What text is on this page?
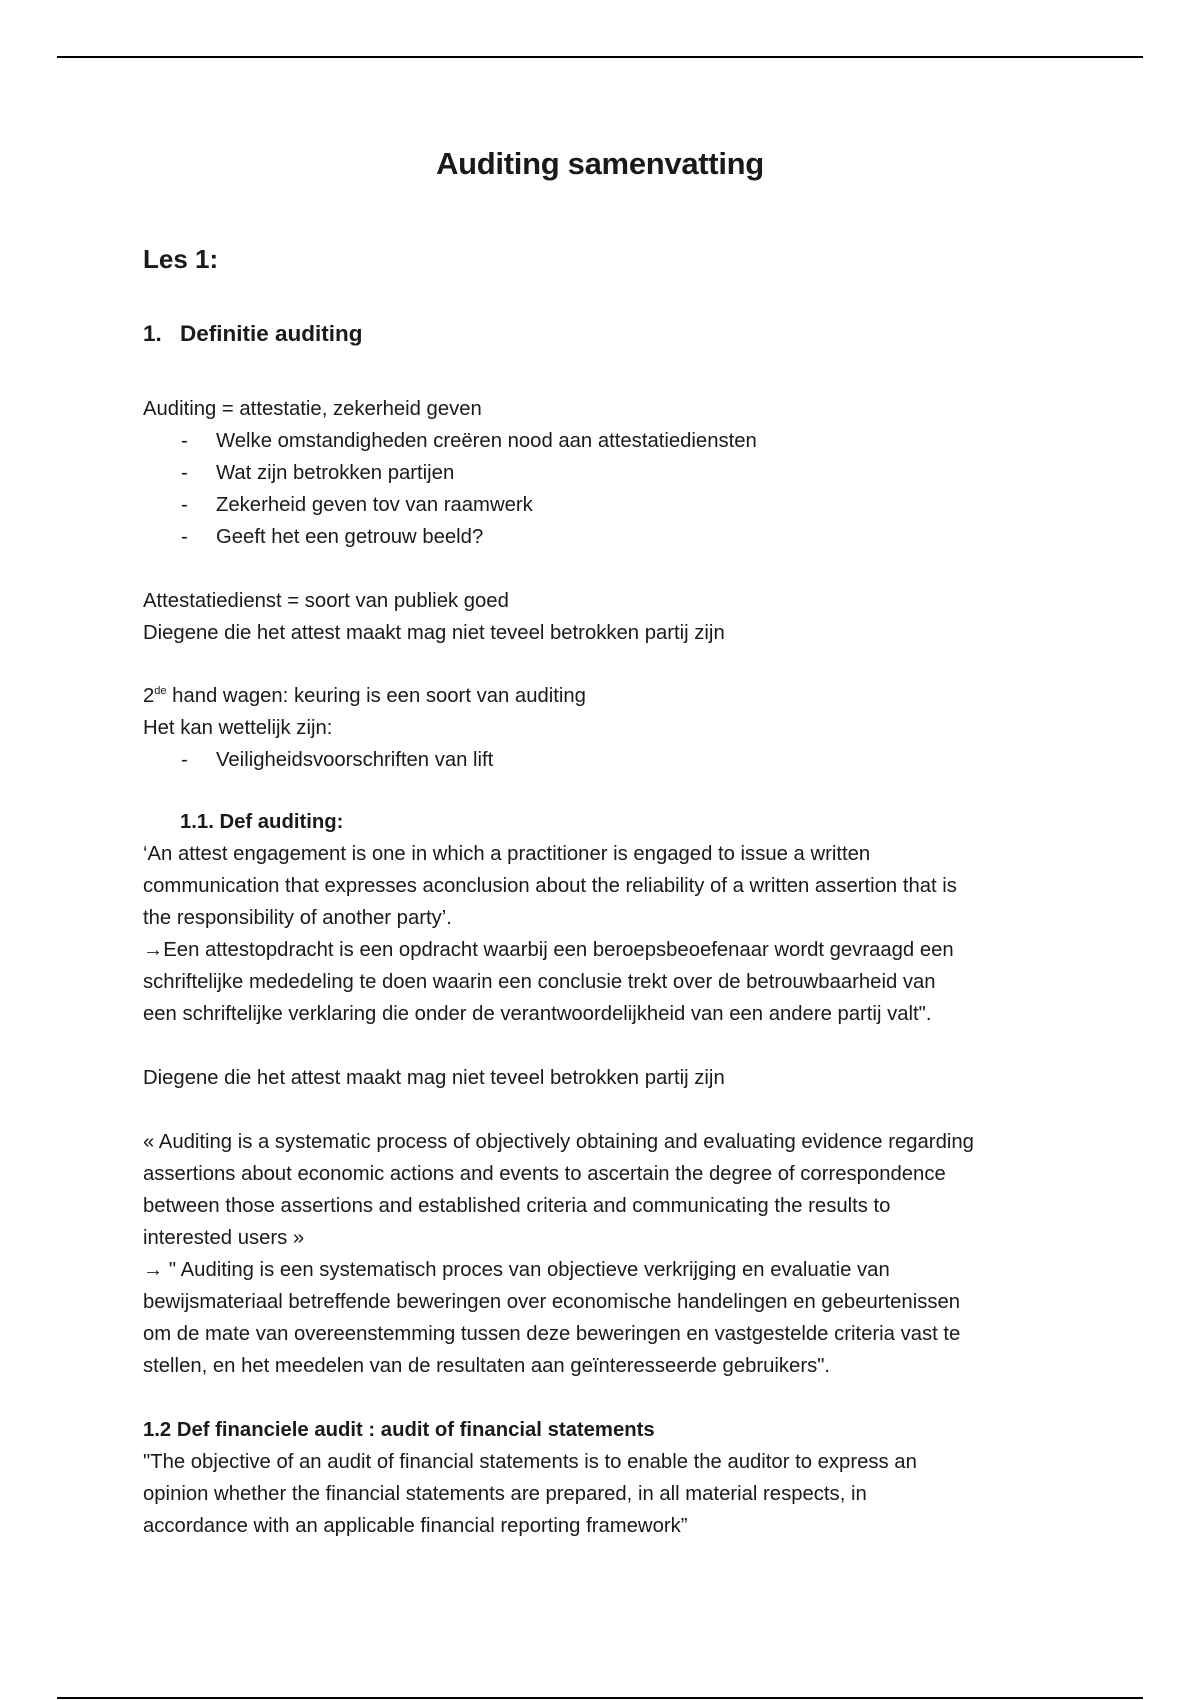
Auditing samenvatting
Les 1:
1. Definitie auditing
Auditing = attestatie, zekerheid geven
- Welke omstandigheden creëren nood aan attestatiediensten
- Wat zijn betrokken partijen
- Zekerheid geven tov van raamwerk
- Geeft het een getrouw beeld?
Attestatiedienst = soort van publiek goed
Diegene die het attest maakt mag niet teveel betrokken partij zijn
2de hand wagen: keuring is een soort van auditing
Het kan wettelijk zijn:
- Veiligheidsvoorschriften van lift
1.1. Def auditing:
‘An attest engagement is one in which a practitioner is engaged to issue a written
communication that expresses aconclusion about the reliability of a written assertion that is
the responsibility of another party’.
→Een attestopdracht is een opdracht waarbij een beroepsbeoefenaar wordt gevraagd een
schriftelijke mededeling te doen waarin een conclusie trekt over de betrouwbaarheid van
een schriftelijke verklaring die onder de verantwoordelijkheid van een andere partij valt".
Diegene die het attest maakt mag niet teveel betrokken partij zijn
« Auditing is a systematic process of objectively obtaining and evaluating evidence regarding
assertions about economic actions and events to ascertain the degree of correspondence
between those assertions and established criteria and communicating the results to
interested users »
→ " Auditing is een systematisch proces van objectieve verkrijging en evaluatie van
bewijsmateriaal betreffende beweringen over economische handelingen en gebeurtenissen
om de mate van overeenstemming tussen deze beweringen en vastgestelde criteria vast te
stellen, en het meedelen van de resultaten aan geïnteresseerde gebruikers".
1.2 Def financiele audit : audit of financial statements
"The objective of an audit of financial statements is to enable the auditor to express an
opinion whether the financial statements are prepared, in all material respects, in
accordance with an applicable financial reporting framework”
